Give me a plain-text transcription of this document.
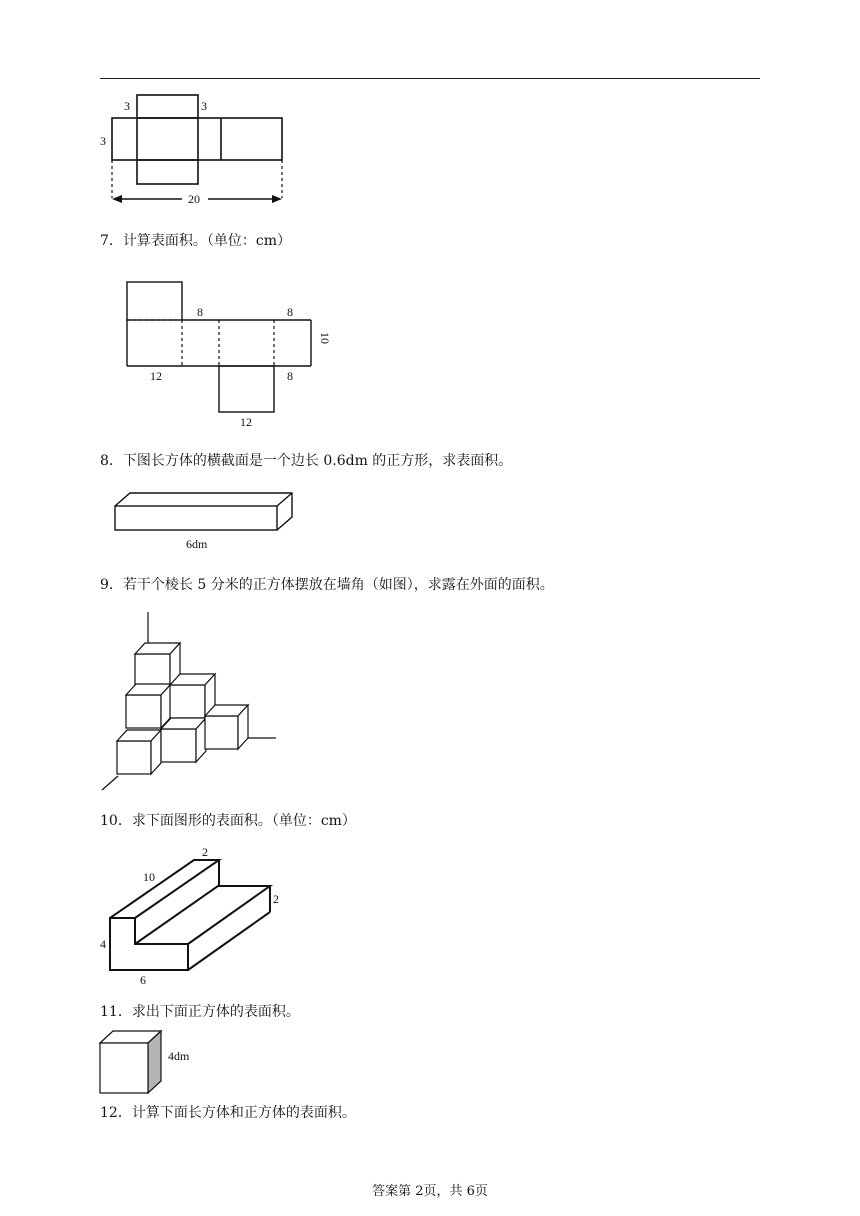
3	3
3
20
7．计算表面积。（单位：cm）
8	8
10
12	8
12
8．下图长方体的横截面是一个边长 0.6dm 的正方形，求表面积。
6dm
9．若干个棱长 5 分米的正方体摆放在墙角（如图），求露在外面的面积。
10．求下面图形的表面积。（单位：cm）
2
10
2
4
6
11．求出下面正方体的表面积。
4dm
12．计算下面长方体和正方体的表面积。
答案第 2页，共 6页
